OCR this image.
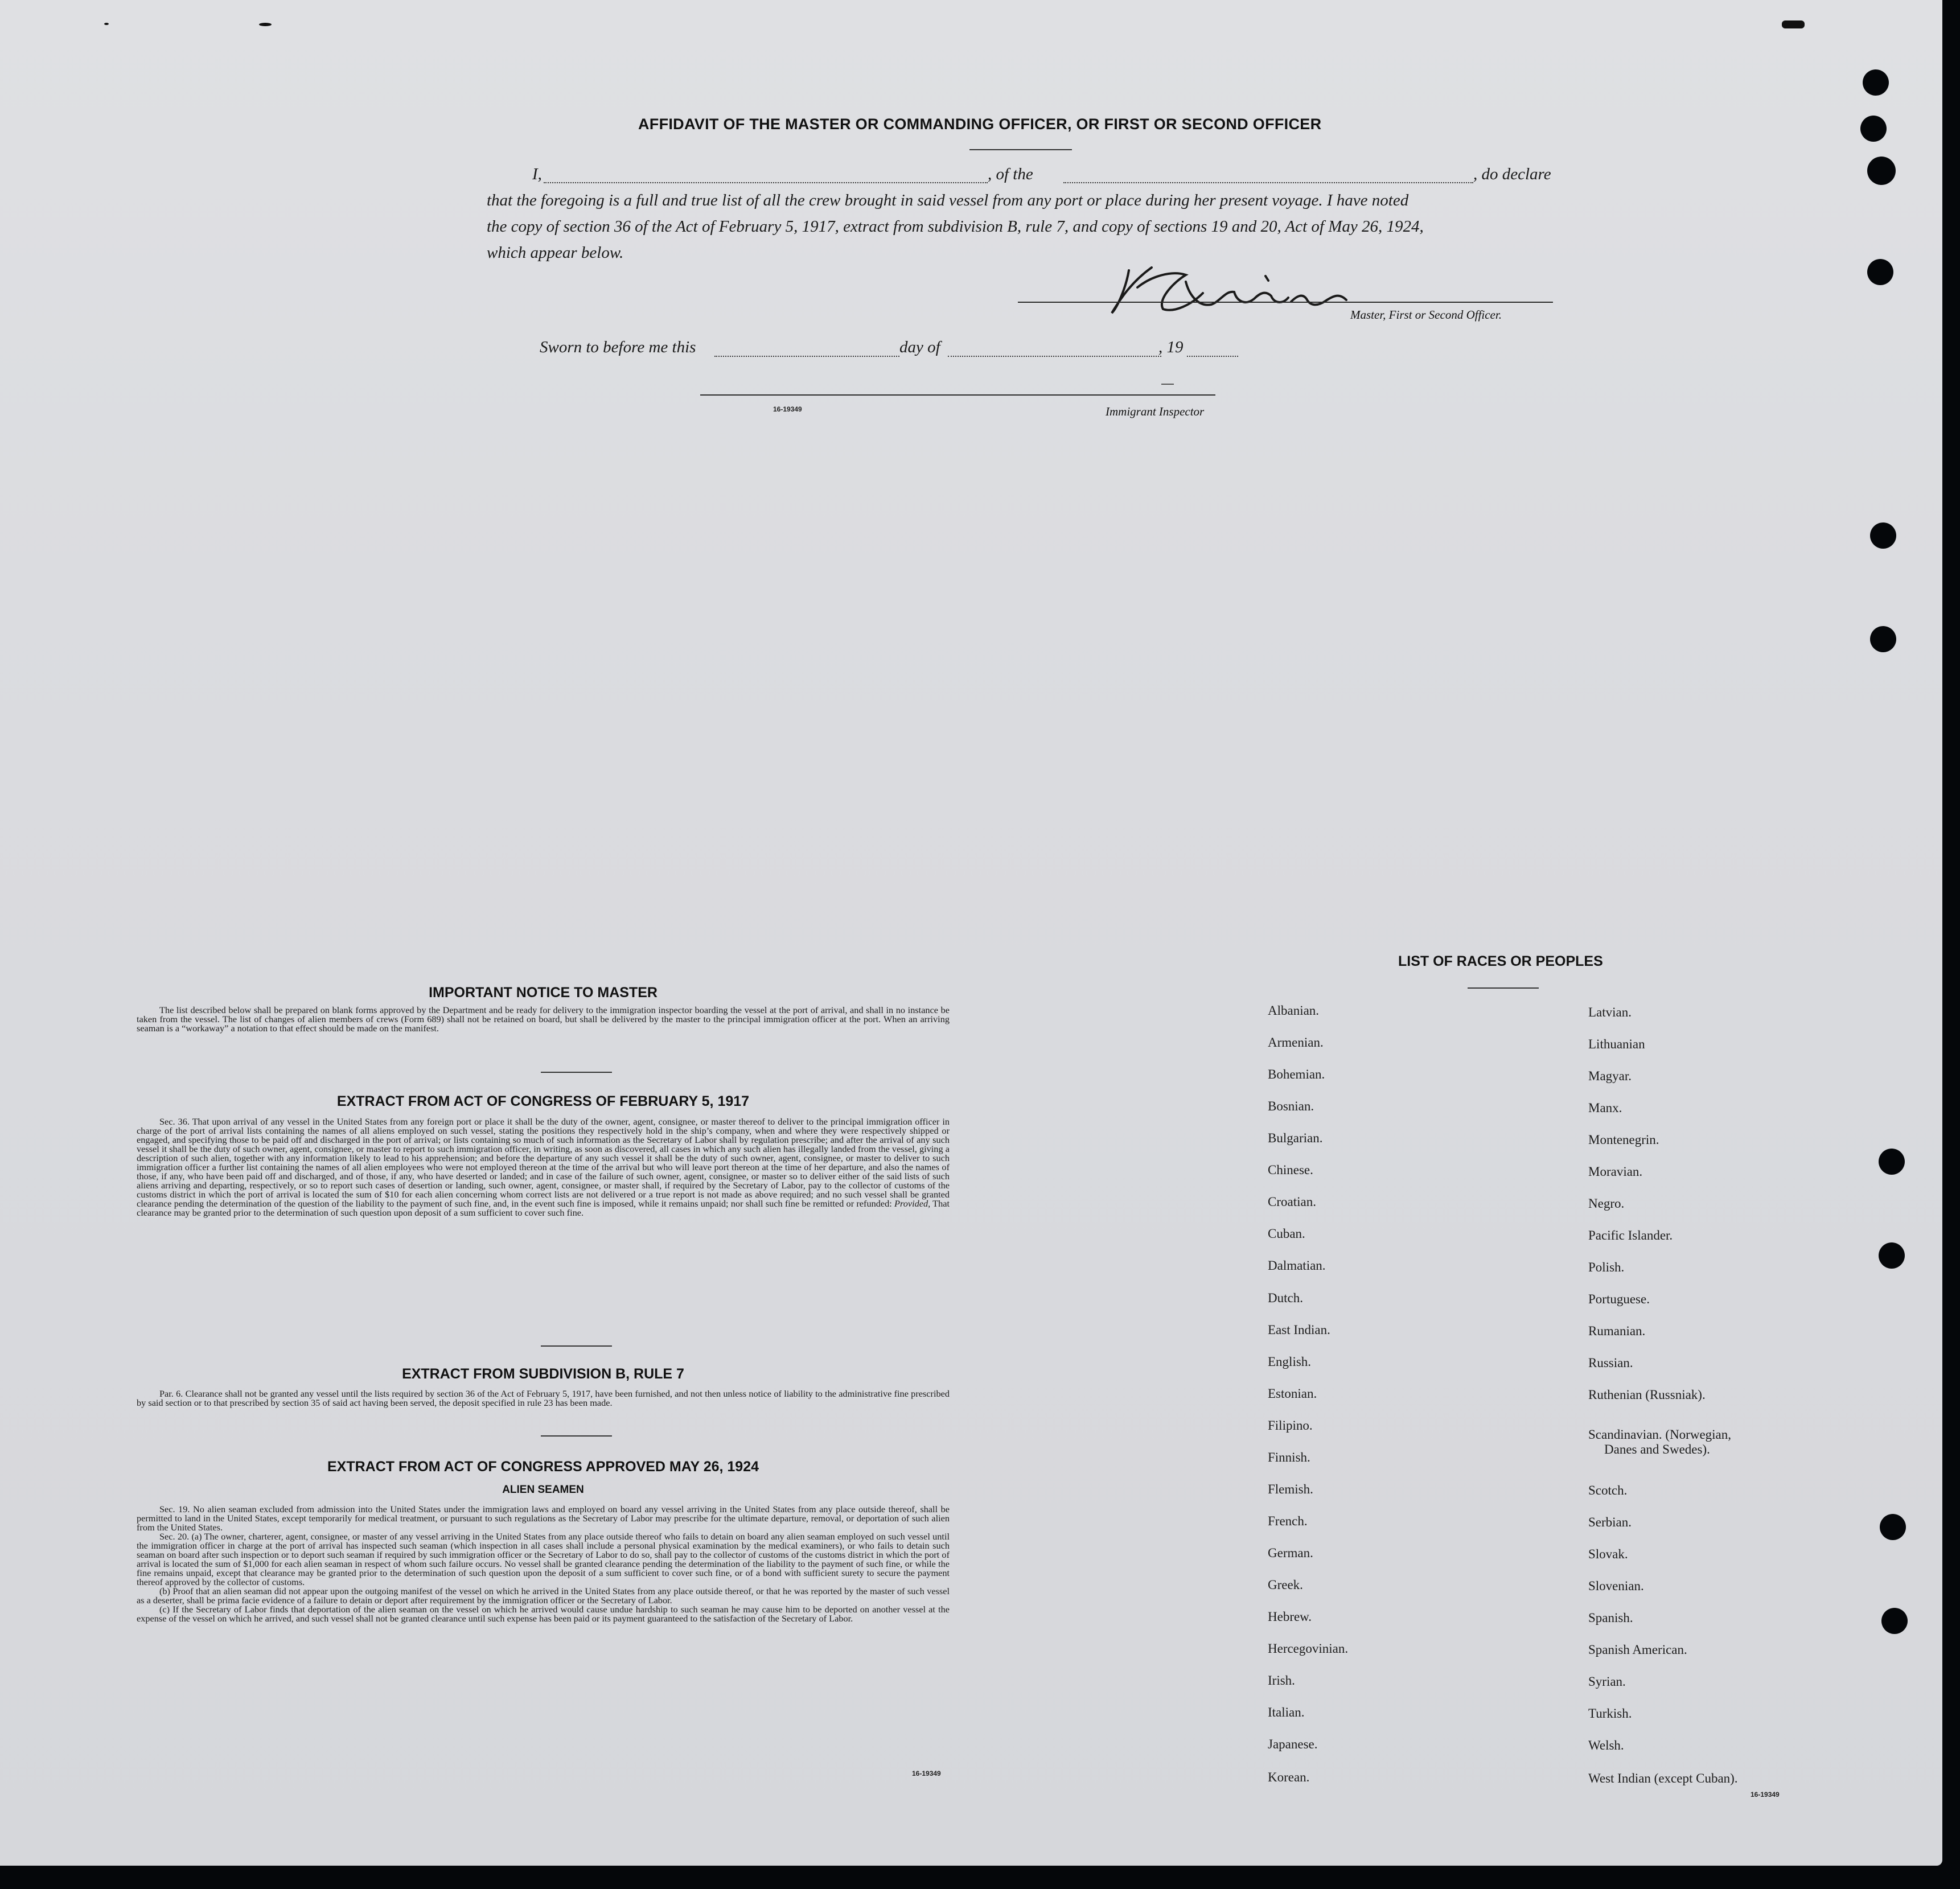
AFFIDAVIT OF THE MASTER OR COMMANDING OFFICER, OR FIRST OR SECOND OFFICER
I,	, of the	, do declare
that the foregoing is a full and true list of all the crew brought in said vessel from any port or place during her present voyage. I have noted
the copy of section 36 of the Act of February 5, 1917, extract from subdivision B, rule 7, and copy of sections 19 and 20, Act of May 26, 1924,
which appear below.
Master, First or Second Officer.
Sworn to before me this	day of	, 19
16-19349	Immigrant Inspector
IMPORTANT NOTICE TO MASTER

The list described below shall be prepared on blank forms approved by the Department and be ready for delivery to the immigration inspector boarding the vessel at the port of arrival, and shall in no instance be taken from the vessel. The list of changes of alien members of crews (Form 689) shall not be retained on board, but shall be delivered by the master to the principal immigration officer at the port. When an arriving seaman is a “workaway” a notation to that effect should be made on the manifest.

EXTRACT FROM ACT OF CONGRESS OF FEBRUARY 5, 1917

Sec. 36. That upon arrival of any vessel in the United States from any foreign port or place it shall be the duty of the owner, agent, consignee, or master thereof to deliver to the principal immigration officer in charge of the port of arrival lists containing the names of all aliens employed on such vessel, stating the positions they respectively hold in the ship’s company, when and where they were respectively shipped or engaged, and specifying those to be paid off and discharged in the port of arrival; or lists containing so much of such information as the Secretary of Labor shall by regulation prescribe; and after the arrival of any such vessel it shall be the duty of such owner, agent, consignee, or master to report to such immigration officer, in writing, as soon as discovered, all cases in which any such alien has illegally landed from the vessel, giving a description of such alien, together with any information likely to lead to his apprehension; and before the departure of any such vessel it shall be the duty of such owner, agent, consignee, or master to deliver to such immigration officer a further list containing the names of all alien employees who were not employed thereon at the time of the arrival but who will leave port thereon at the time of her departure, and also the names of those, if any, who have been paid off and discharged, and of those, if any, who have deserted or landed; and in case of the failure of such owner, agent, consignee, or master so to deliver either of the said lists of such aliens arriving and departing, respectively, or so to report such cases of desertion or landing, such owner, agent, consignee, or master shall, if required by the Secretary of Labor, pay to the collector of customs of the customs district in which the port of arrival is located the sum of $10 for each alien concerning whom correct lists are not delivered or a true report is not made as above required; and no such vessel shall be granted clearance pending the determination of the question of the liability to the payment of such fine, and, in the event such fine is imposed, while it remains unpaid; nor shall such fine be remitted or refunded: Provided, That clearance may be granted prior to the determination of such question upon deposit of a sum sufficient to cover such fine.

EXTRACT FROM SUBDIVISION B, RULE 7

Par. 6. Clearance shall not be granted any vessel until the lists required by section 36 of the Act of February 5, 1917, have been furnished, and not then unless notice of liability to the administrative fine prescribed by said section or to that prescribed by section 35 of said act having been served, the deposit specified in rule 23 has been made.

EXTRACT FROM ACT OF CONGRESS APPROVED MAY 26, 1924
ALIEN SEAMEN

Sec. 19. No alien seaman excluded from admission into the United States under the immigration laws and employed on board any vessel arriving in the United States from any place outside thereof, shall be permitted to land in the United States, except temporarily for medical treatment, or pursuant to such regulations as the Secretary of Labor may prescribe for the ultimate departure, removal, or deportation of such alien from the United States.

Sec. 20. (a) The owner, charterer, agent, consignee, or master of any vessel arriving in the United States from any place outside thereof who fails to detain on board any alien seaman employed on such vessel until the immigration officer in charge at the port of arrival has inspected such seaman (which inspection in all cases shall include a personal physical examination by the medical examiners), or who fails to detain such seaman on board after such inspection or to deport such seaman if required by such immigration officer or the Secretary of Labor to do so, shall pay to the collector of customs of the customs district in which the port of arrival is located the sum of $1,000 for each alien seaman in respect of whom such failure occurs. No vessel shall be granted clearance pending the determination of the liability to the payment of such fine, or while the fine remains unpaid, except that clearance may be granted prior to the determination of such question upon the deposit of a sum sufficient to cover such fine, or of a bond with sufficient surety to secure the payment thereof approved by the collector of customs.

(b) Proof that an alien seaman did not appear upon the outgoing manifest of the vessel on which he arrived in the United States from any place outside thereof, or that he was reported by the master of such vessel as a deserter, shall be prima facie evidence of a failure to detain or deport after requirement by the immigration officer or the Secretary of Labor.

(c) If the Secretary of Labor finds that deportation of the alien seaman on the vessel on which he arrived would cause undue hardship to such seaman he may cause him to be deported on another vessel at the expense of the vessel on which he arrived, and such vessel shall not be granted clearance until such expense has been paid or its payment guaranteed to the satisfaction of the Secretary of Labor.

16-19349
LIST OF RACES OR PEOPLES
Albanian.
Armenian.
Bohemian.
Bosnian.
Bulgarian.
Chinese.
Croatian.
Cuban.
Dalmatian.
Dutch.
East Indian.
English.
Estonian.
Filipino.
Finnish.
Flemish.
French.
German.
Greek.
Hebrew.
Hercegovinian.
Irish.
Italian.
Japanese.
Korean.
Latvian.
Lithuanian
Magyar.
Manx.
Montenegrin.
Moravian.
Negro.
Pacific Islander.
Polish.
Portuguese.
Rumanian.
Russian.
Ruthenian (Russniak).
Scandinavian. (Norwegian,
Danes and Swedes).
Scotch.
Serbian.
Slovak.
Slovenian.
Spanish.
Spanish American.
Syrian.
Turkish.
Welsh.
West Indian (except Cuban).
16-19349
